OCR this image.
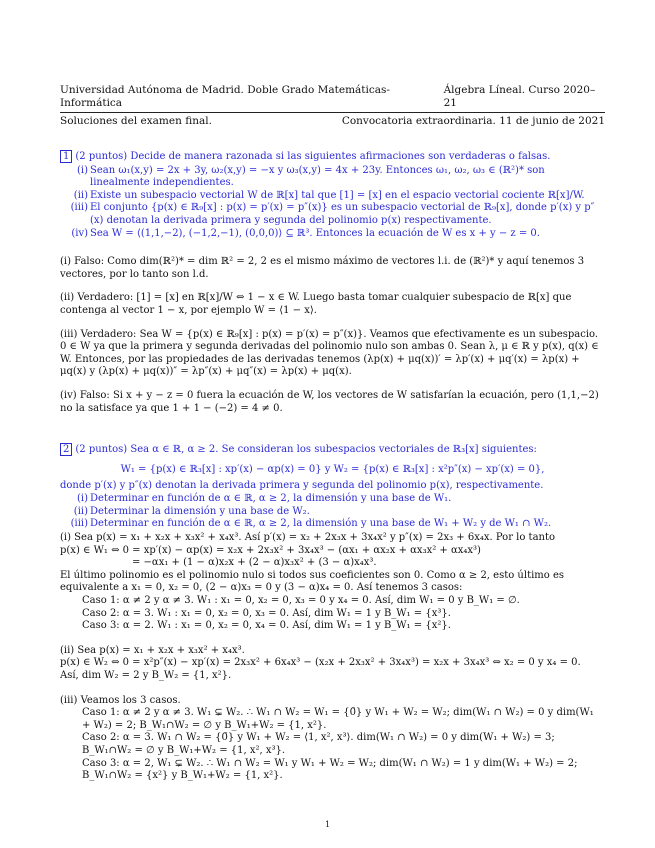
Universidad Autónoma de Madrid. Doble Grado Matemáticas-Informática
Álgebra Líneal. Curso 2020–21
Soluciones del examen final.	Convocatoria extraordinaria. 11 de junio de 2021

1 (2 puntos) Decide de manera razonada si las siguientes afirmaciones son verdaderas o falsas.

(i) Sean ω₁(x,y) = 2x + 3y, ω₂(x,y) = −x y ω₃(x,y) = 4x + 23y. Entonces ω₁, ω₂, ω₃ ∈ (ℝ²)* son linealmente independientes.
(ii) Existe un subespacio vectorial W de ℝ[x] tal que [1] = [x] en el espacio vectorial cociente ℝ[x]/W.
(iii) El conjunto {p(x) ∈ ℝ₉[x] : p(x) = p′(x) = p″(x)} es un subespacio vectorial de ℝ₉[x], donde p′(x) y p″(x) denotan la derivada primera y segunda del polinomio p(x) respectivamente.
(iv) Sea W = ⟨(1,1,−2), (−1,2,−1), (0,0,0)⟩ ⊆ ℝ³. Entonces la ecuación de W es x + y − z = 0.

(i) Falso: Como dim(ℝ²)* = dim ℝ² = 2, 2 es el mismo máximo de vectores l.i. de (ℝ²)* y aquí tenemos 3 vectores, por lo tanto son l.d.

(ii) Verdadero: [1] = [x] en ℝ[x]/W ⇔ 1 − x ∈ W. Luego basta tomar cualquier subespacio de ℝ[x] que contenga al vector 1 − x, por ejemplo W = ⟨1 − x⟩.

(iii) Verdadero: Sea W = {p(x) ∈ ℝ₉[x] : p(x) = p′(x) = p″(x)}. Veamos que efectivamente es un subespacio. 0 ∈ W ya que la primera y segunda derivadas del polinomio nulo son ambas 0. Sean λ, μ ∈ ℝ y p(x), q(x) ∈ W. Entonces, por las propiedades de las derivadas tenemos (λp(x) + μq(x))′ = λp′(x) + μq′(x) = λp(x) + μq(x) y (λp(x) + μq(x))″ = λp″(x) + μq″(x) = λp(x) + μq(x).

(iv) Falso: Si x + y − z = 0 fuera la ecuación de W, los vectores de W satisfarían la ecuación, pero (1,1,−2) no la satisface ya que 1 + 1 − (−2) = 4 ≠ 0.

2 (2 puntos) Sea α ∈ ℝ, α ≥ 2. Se consideran los subespacios vectoriales de ℝ₃[x] siguientes:

W₁ = {p(x) ∈ ℝ₃[x] : xp′(x) − αp(x) = 0} y W₂ = {p(x) ∈ ℝ₃[x] : x²p″(x) − xp′(x) = 0},

donde p′(x) y p″(x) denotan la derivada primera y segunda del polinomio p(x), respectivamente.

(i) Determinar en función de α ∈ ℝ, α ≥ 2, la dimensión y una base de W₁.
(ii) Determinar la dimensión y una base de W₂.
(iii) Determinar en función de α ∈ ℝ, α ≥ 2, la dimensión y una base de W₁ + W₂ y de W₁ ∩ W₂.

(i) Sea p(x) = x₁ + x₂x + x₃x² + x₄x³. Así p′(x) = x₂ + 2x₃x + 3x₄x² y p″(x) = 2x₃ + 6x₄x. Por lo tanto

p(x) ∈ W₁ ⇔ 0 = xp′(x) − αp(x) = x₂x + 2x₃x² + 3x₄x³ − (αx₁ + αx₂x + αx₃x² + αx₄x³)

= −αx₁ + (1 − α)x₂x + (2 − α)x₃x² + (3 − α)x₄x³.

El último polinomio es el polinomio nulo si todos sus coeficientes son 0. Como α ≥ 2, esto último es equivalente a x₁ = 0, x₂ = 0, (2 − α)x₃ = 0 y (3 − α)x₄ = 0. Así tenemos 3 casos:

Caso 1: α ≠ 2 y α ≠ 3. W₁ : x₁ = 0, x₂ = 0, x₃ = 0 y x₄ = 0. Así, dim W₁ = 0 y B_W₁ = ∅.

Caso 2: α = 3. W₁ : x₁ = 0, x₂ = 0, x₃ = 0. Así, dim W₁ = 1 y B_W₁ = {x³}.

Caso 3: α = 2. W₁ : x₁ = 0, x₂ = 0, x₄ = 0. Así, dim W₁ = 1 y B_W₁ = {x²}.

(ii) Sea p(x) = x₁ + x₂x + x₃x² + x₄x³.

p(x) ∈ W₂ ⇔ 0 = x²p″(x) − xp′(x) = 2x₃x² + 6x₄x³ − (x₂x + 2x₃x² + 3x₄x³) = x₂x + 3x₄x³ ⇔ x₂ = 0 y x₄ = 0.

Así, dim W₂ = 2 y B_W₂ = {1, x²}.

(iii) Veamos los 3 casos.

Caso 1: α ≠ 2 y α ≠ 3. W₁ ⊊ W₂. ∴ W₁ ∩ W₂ = W₁ = {0̄} y W₁ + W₂ = W₂; dim(W₁ ∩ W₂) = 0 y dim(W₁ + W₂) = 2; B_W₁∩W₂ = ∅ y B_W₁+W₂ = {1, x²}.

Caso 2: α = 3. W₁ ∩ W₂ = {0̄} y W₁ + W₂ = ⟨1, x², x³⟩. dim(W₁ ∩ W₂) = 0 y dim(W₁ + W₂) = 3; B_W₁∩W₂ = ∅ y B_W₁+W₂ = {1, x², x³}.

Caso 3: α = 2, W₁ ⊊ W₂. ∴ W₁ ∩ W₂ = W₁ y W₁ + W₂ = W₂; dim(W₁ ∩ W₂) = 1 y dim(W₁ + W₂) = 2; B_W₁∩W₂ = {x²} y B_W₁+W₂ = {1, x²}.

1
